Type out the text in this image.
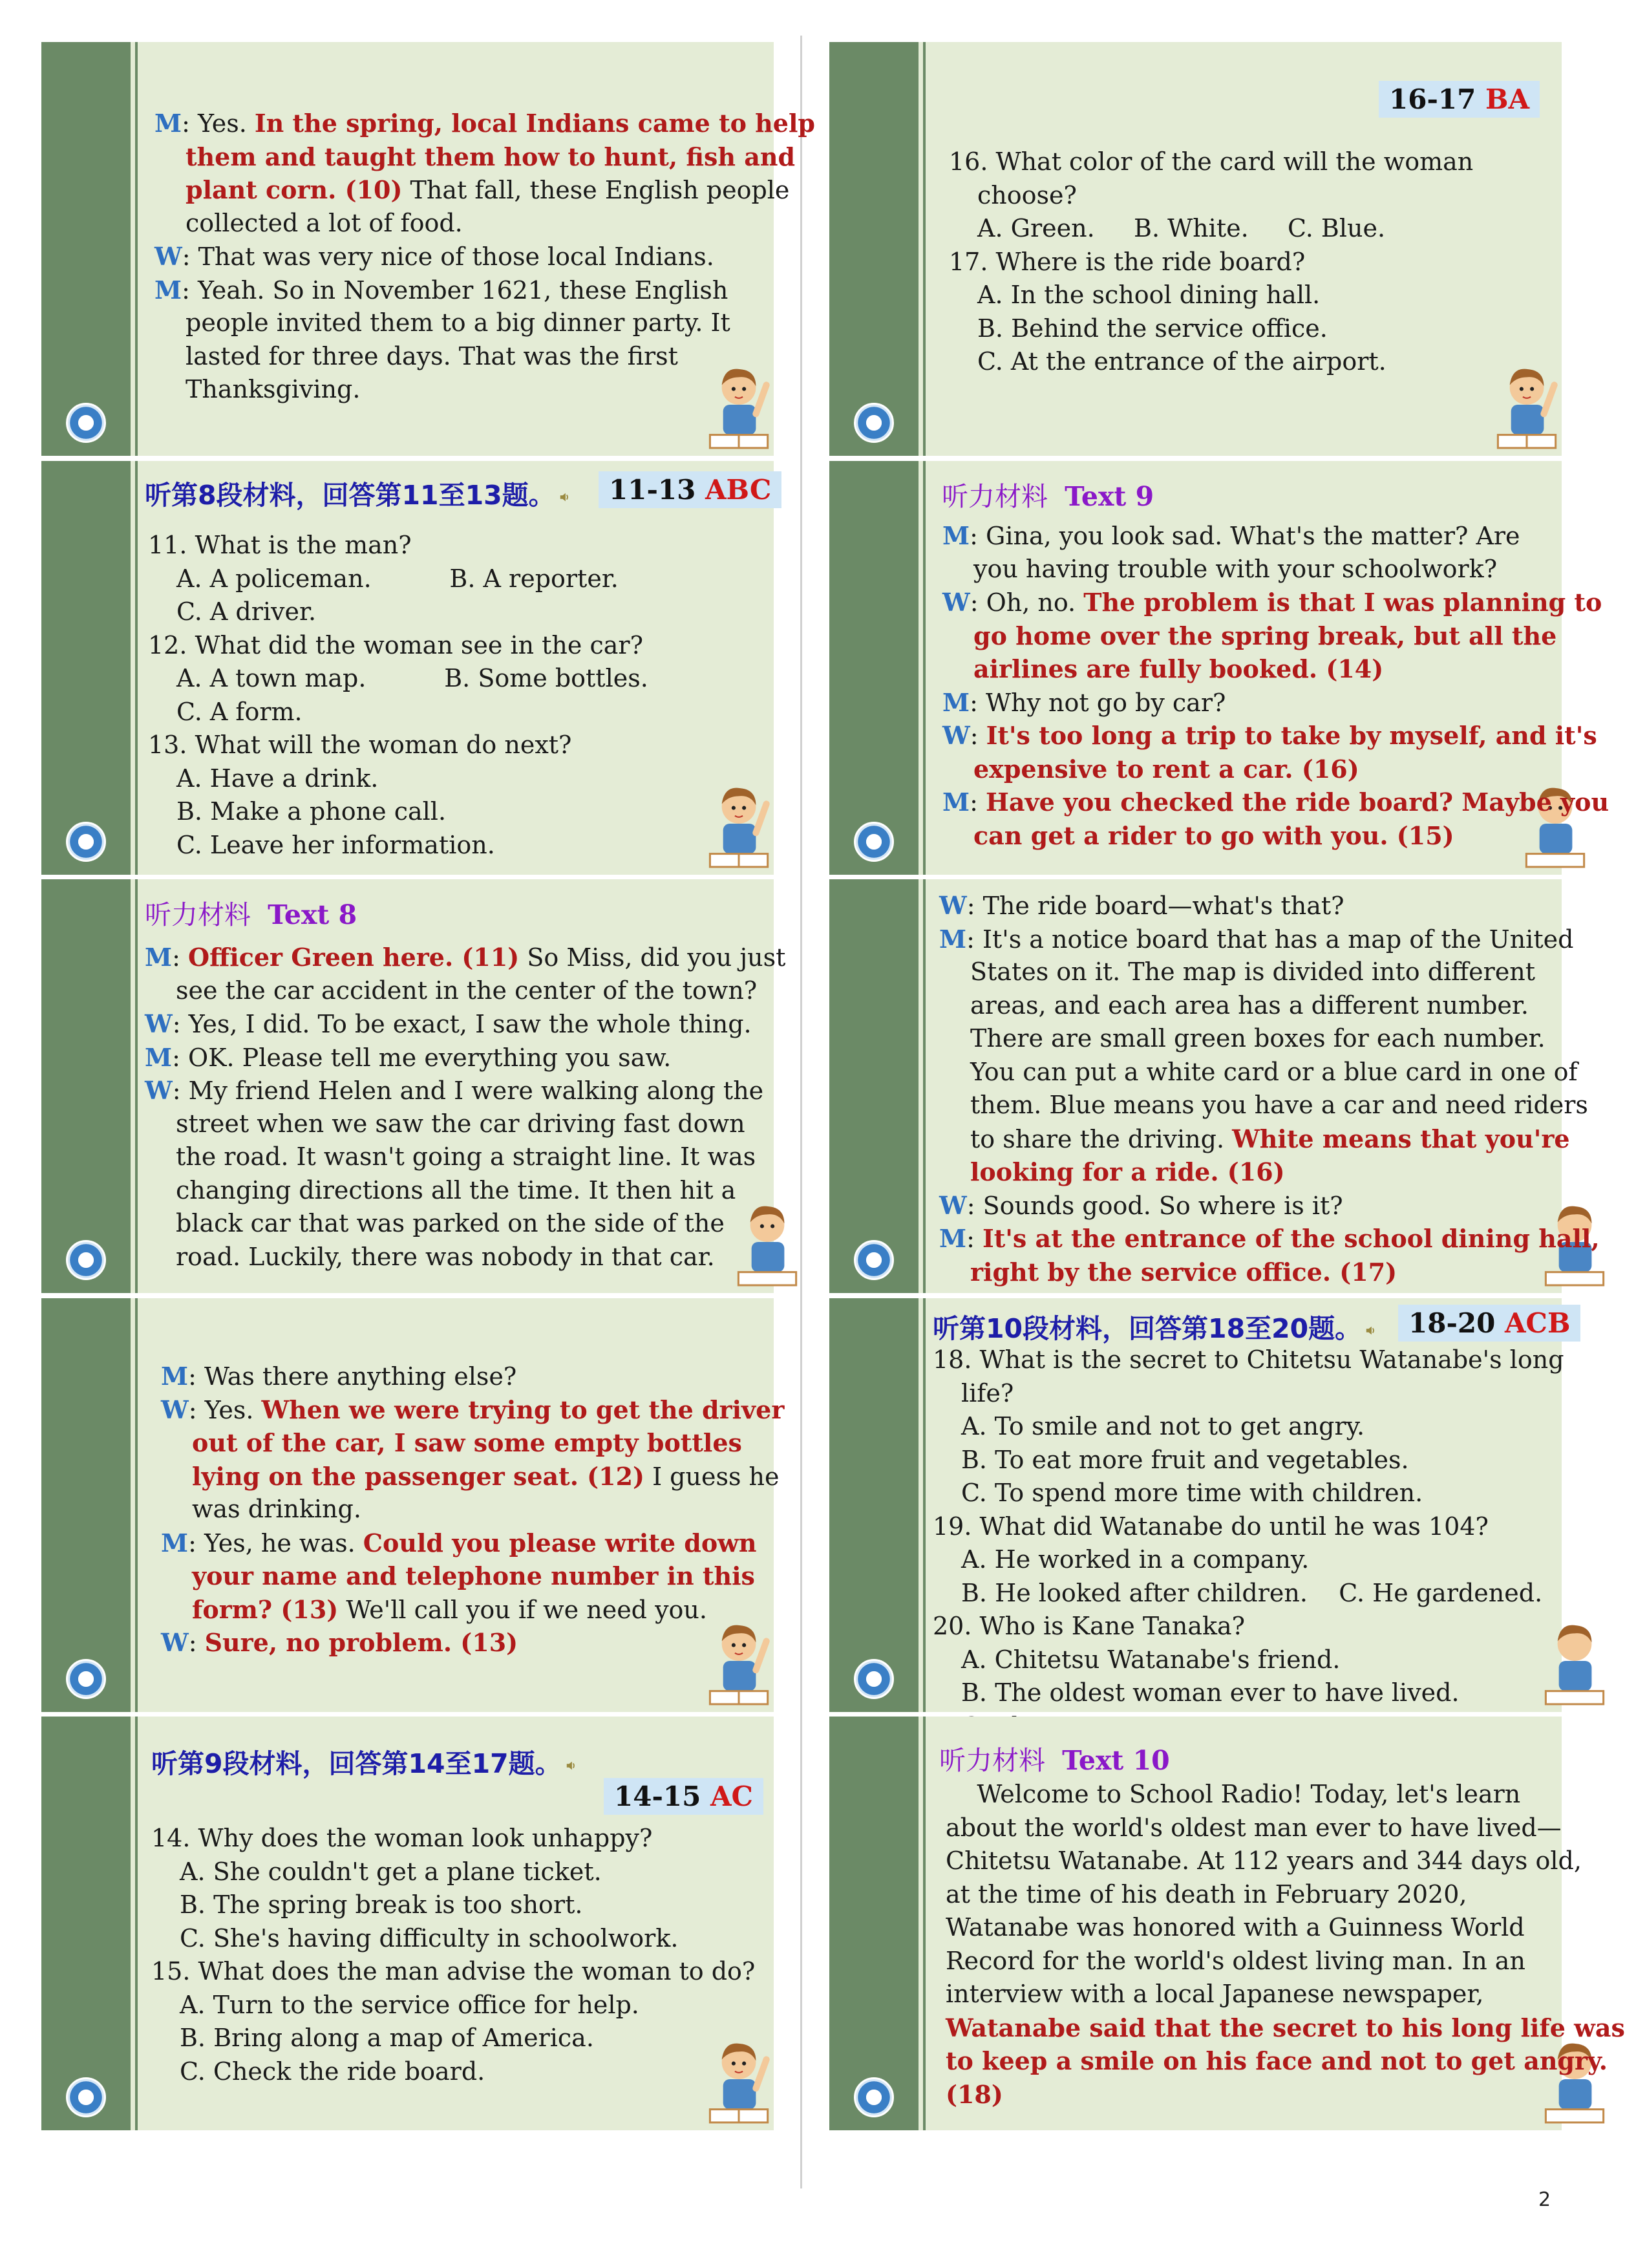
M: Yes. In the spring, local Indians came to help
them and taught them how to hunt, fish and
plant corn. (10) That fall, these English people
collected a lot of food.
W: That was very nice of those local Indians.
M: Yeah. So in November 1621, these English
people invited them to a big dinner party. It
lasted for three days. That was the first
Thanksgiving.
16-17 BA
16. What color of the card will the woman
choose?
A. Green.     B. White.     C. Blue.
17. Where is the ride board?
A. In the school dining hall.
B. Behind the service office.
C. At the entrance of the airport.
听第8段材料，回答第11至13题。	11-13 ABC
11. What is the man?
A. A policeman.          B. A reporter.
C. A driver.
12. What did the woman see in the car?
A. A town map.          B. Some bottles.
C. A form.
13. What will the woman do next?
A. Have a drink.
B. Make a phone call.
C. Leave her information.
听力材料  Text 9
M: Gina, you look sad. What's the matter? Are
you having trouble with your schoolwork?
W: Oh, no. The problem is that I was planning to
go home over the spring break, but all the
airlines are fully booked. (14)
M: Why not go by car?
W: It's too long a trip to take by myself, and it's
expensive to rent a car. (16)
M: Have you checked the ride board? Maybe you
can get a rider to go with you. (15)
听力材料  Text 8
M: Officer Green here. (11) So Miss, did you just
see the car accident in the center of the town?
W: Yes, I did. To be exact, I saw the whole thing.
M: OK. Please tell me everything you saw.
W: My friend Helen and I were walking along the
street when we saw the car driving fast down
the road. It wasn't going a straight line. It was
changing directions all the time. It then hit a
black car that was parked on the side of the
road. Luckily, there was nobody in that car.
W: The ride board—what's that?
M: It's a notice board that has a map of the United
States on it. The map is divided into different
areas, and each area has a different number.
There are small green boxes for each number.
You can put a white card or a blue card in one of
them. Blue means you have a car and need riders
to share the driving. White means that you're
looking for a ride. (16)
W: Sounds good. So where is it?
M: It's at the entrance of the school dining hall,
right by the service office. (17)
M: Was there anything else?
W: Yes. When we were trying to get the driver
out of the car, I saw some empty bottles
lying on the passenger seat. (12) I guess he
was drinking.
M: Yes, he was. Could you please write down
your name and telephone number in this
form? (13) We'll call you if we need you.
W: Sure, no problem. (13)
听第10段材料，回答第18至20题。	18-20 ACB
18. What is the secret to Chitetsu Watanabe's long
life?
A. To smile and not to get angry.
B. To eat more fruit and vegetables.
C. To spend more time with children.
19. What did Watanabe do until he was 104?
A. He worked in a company.
B. He looked after children.    C. He gardened.
20. Who is Kane Tanaka?
A. Chitetsu Watanabe's friend.
B. The oldest woman ever to have lived.
听第9段材料，回答第14至17题。
14-15 AC
14. Why does the woman look unhappy?
A. She couldn't get a plane ticket.
B. The spring break is too short.
C. She's having difficulty in schoolwork.
15. What does the man advise the woman to do?
A. Turn to the service office for help.
B. Bring along a map of America.
C. Check the ride board.
听力材料  Text 10
Welcome to School Radio! Today, let's learn
about the world's oldest man ever to have lived—
Chitetsu Watanabe. At 112 years and 344 days old,
at the time of his death in February 2020,
Watanabe was honored with a Guinness World
Record for the world's oldest living man. In an
interview with a local Japanese newspaper,
Watanabe said that the secret to his long life was
to keep a smile on his face and not to get angry.
(18)
2
